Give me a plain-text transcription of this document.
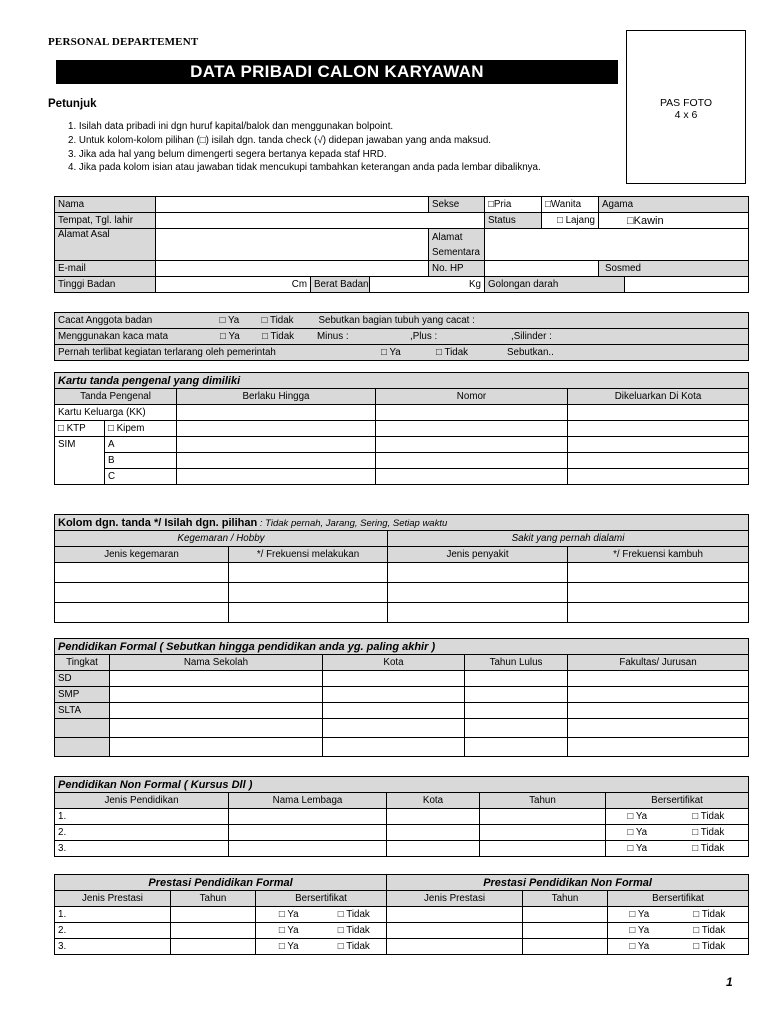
PERSONAL DEPARTEMENT
DATA PRIBADI CALON KARYAWAN
PAS FOTO
4 x 6
Petunjuk
1. Isilah data pribadi ini dgn huruf kapital/balok dan menggunakan bolpoint.
2. Untuk kolom-kolom pilihan (□) isilah dgn. tanda check (√) didepan jawaban yang anda maksud.
3. Jika ada hal yang belum dimengerti segera bertanya kepada staf HRD.
4. Jika pada kolom isian atau jawaban tidak mencukupi tambahkan keterangan anda pada lembar dibaliknya.
Nama				Sekse	□Pria	□Wanita	Agama	
Tempat, Tgl. lahir					Status	□ Lajang	□Kawin	
Alamat Asal				Alamat Sementara				
E-mail				No. HP			Sosmed	
Tinggi Badan	Cm	Berat Badan	Kg		Golongan darah			
Cacat Anggota badan	□ Ya □ Tidak	Sebutkan bagian tubuh yang cacat :

Menggunakan kaca mata	□ Ya □ Tidak Minus :	,Plus :	,Silinder :

Pernah terlibat kegiatan terlarang oleh pemerintah	□ Ya	□ Tidak	Sebutkan..
Kartu tanda pengenal yang dimiliki				
Tanda Pengenal		Berlaku Hingga	Nomor	Dikeluarkan Di Kota
Kartu Keluarga (KK)				
□ KTP	□ Kipem			
SIM	A			
	B			
	C			
Kolom dgn. tanda */ Isilah dgn. pilihan : Tidak pernah, Jarang, Sering, Setiap waktu			
Kegemaran / Hobby		Sakit yang pernah dialami	
Jenis kegemaran	*/ Frekuensi melakukan	Jenis penyakit	*/ Frekuensi kambuh

Pendidikan Formal ( Sebutkan hingga pendidikan anda yg. paling akhir )				
Tingkat	Nama Sekolah	Kota	Tahun Lulus	Fakultas/ Jurusan
SD				
SMP				
SLTA				

Pendidikan Non Formal ( Kursus Dll )					
Jenis Pendidikan	Nama Lembaga	Kota	Tahun	Bersertifikat	
1.				□ Ya	□ Tidak
2.				□ Ya	□ Tidak
3.				□ Ya	□ Tidak
Prestasi Pendidikan Formal				Prestasi Pendidikan Non Formal			
Jenis Prestasi	Tahun	Bersertifikat		Jenis Prestasi	Tahun	Bersertifikat	
1.		□ Ya	□ Tidak			□ Ya	□ Tidak
2.		□ Ya	□ Tidak			□ Ya	□ Tidak
3.		□ Ya	□ Tidak			□ Ya	□ Tidak
1
